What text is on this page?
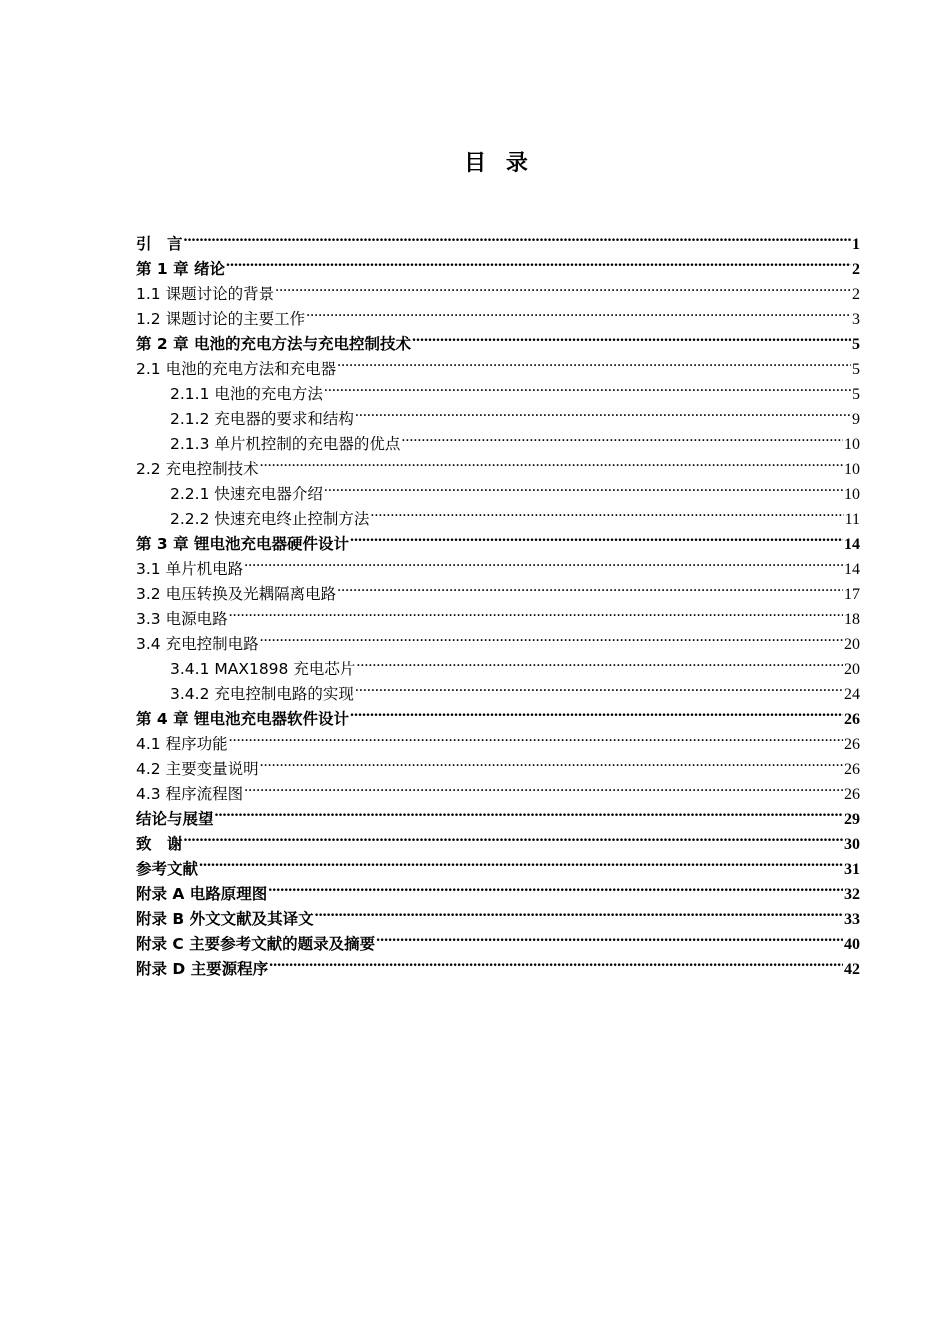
目 录
引　言 .....	1
第 1 章 绪论 .....	2
1.1 课题讨论的背景 .....	2
1.2 课题讨论的主要工作 .....	3
第 2 章 电池的充电方法与充电控制技术 .....	5
2.1 电池的充电方法和充电器 .....	5
2.1.1 电池的充电方法 .....	5
2.1.2 充电器的要求和结构 .....	9
2.1.3 单片机控制的充电器的优点 .....	10
2.2 充电控制技术 .....	10
2.2.1 快速充电器介绍 .....	10
2.2.2 快速充电终止控制方法 .....	11
第 3 章 锂电池充电器硬件设计 .....	14
3.1 单片机电路 .....	14
3.2 电压转换及光耦隔离电路 .....	17
3.3 电源电路 .....	18
3.4 充电控制电路 .....	20
3.4.1 MAX1898 充电芯片 .....	20
3.4.2 充电控制电路的实现 .....	24
第 4 章 锂电池充电器软件设计 .....	26
4.1 程序功能 .....	26
4.2 主要变量说明 .....	26
4.3 程序流程图 .....	26
结论与展望 .....	29
致　谢 .....	30
参考文献 .....	31
附录 A 电路原理图 .....	32
附录 B 外文文献及其译文 .....	33
附录 C 主要参考文献的题录及摘要 .....	40
附录 D 主要源程序 .....	42
